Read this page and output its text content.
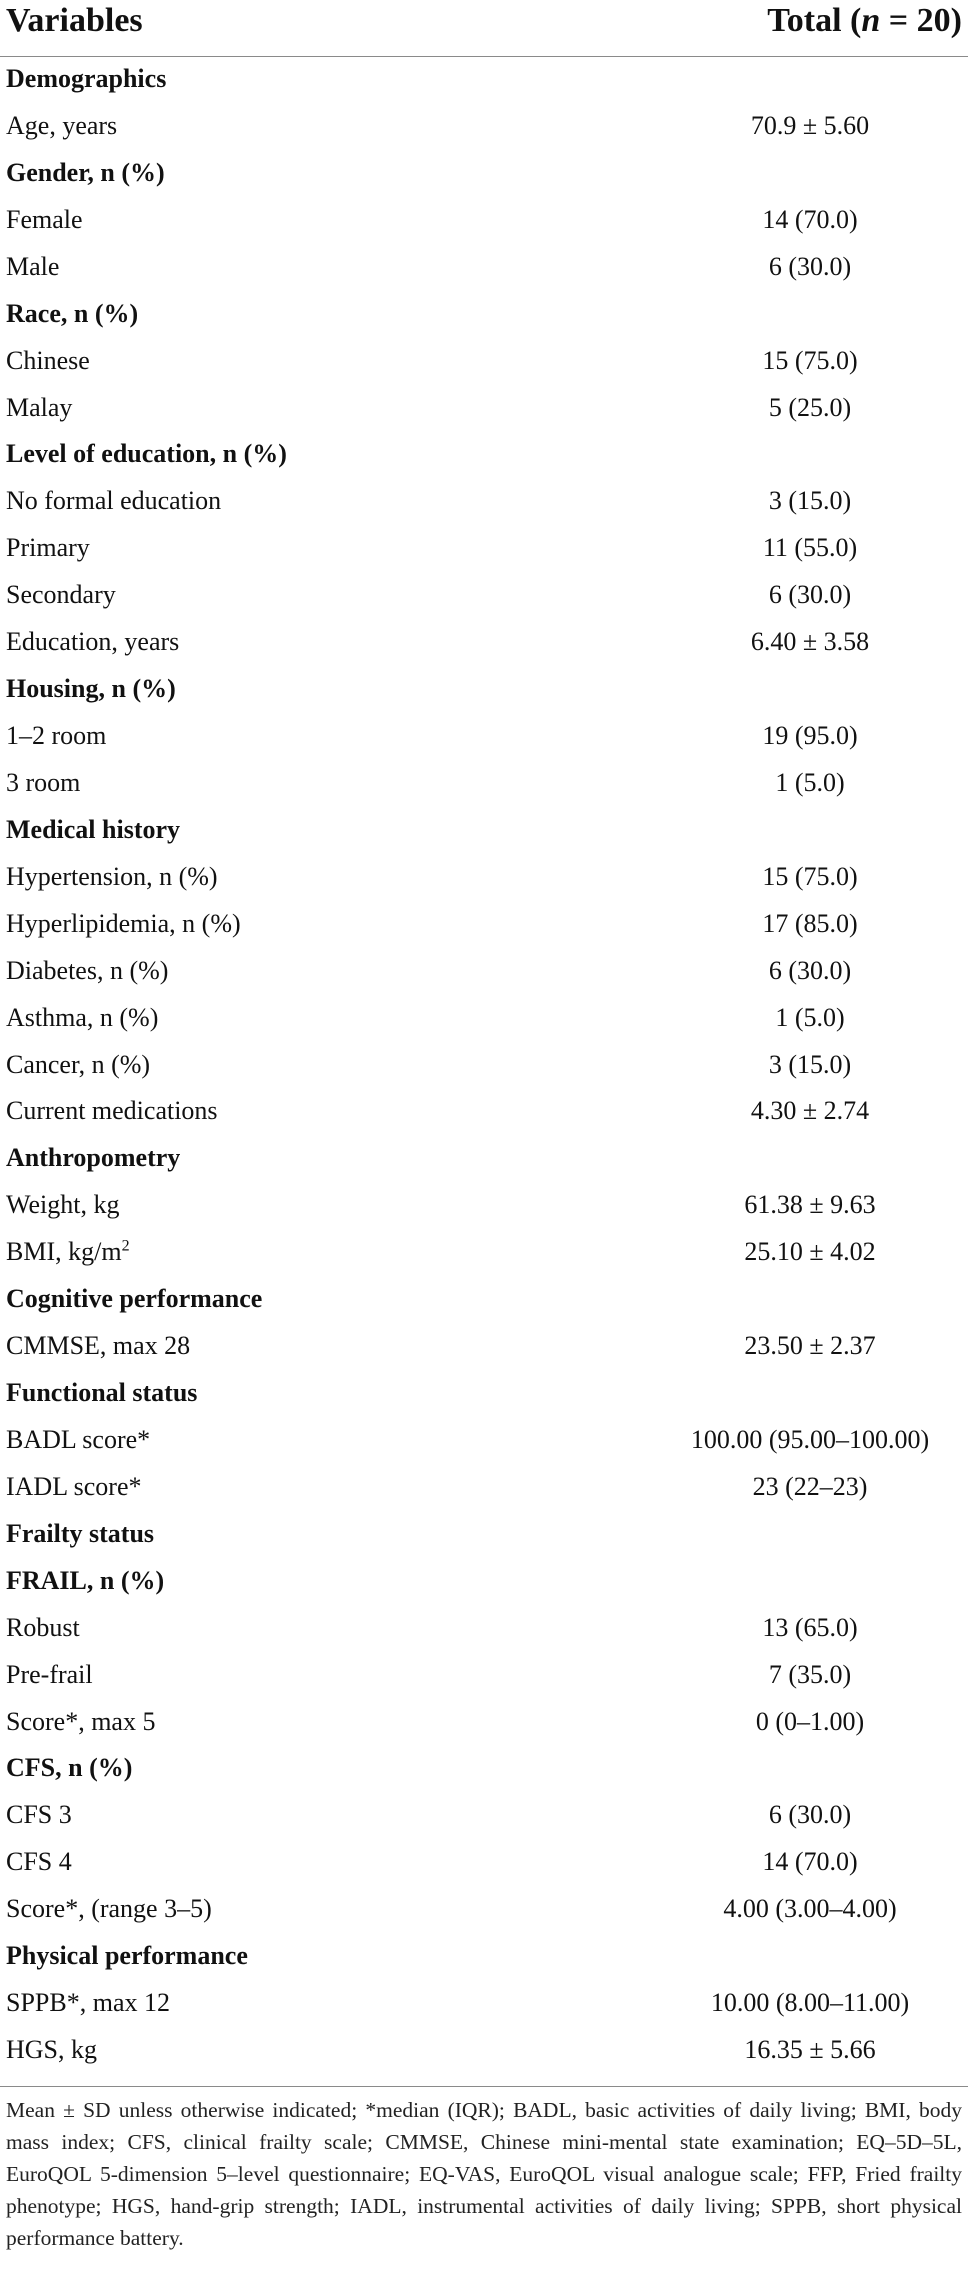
Variables	Total (n = 20)
Demographics
Age, years	70.9 ± 5.60
Gender, n (%)
Female	14 (70.0)
Male	6 (30.0)
Race, n (%)
Chinese	15 (75.0)
Malay	5 (25.0)
Level of education, n (%)
No formal education	3 (15.0)
Primary	11 (55.0)
Secondary	6 (30.0)
Education, years	6.40 ± 3.58
Housing, n (%)
1–2 room	19 (95.0)
3 room	1 (5.0)
Medical history
Hypertension, n (%)	15 (75.0)
Hyperlipidemia, n (%)	17 (85.0)
Diabetes, n (%)	6 (30.0)
Asthma, n (%)	1 (5.0)
Cancer, n (%)	3 (15.0)
Current medications	4.30 ± 2.74
Anthropometry
Weight, kg	61.38 ± 9.63
BMI, $kg/m^2$	25.10 ± 4.02
Cognitive performance
CMMSE, max 28	23.50 ± 2.37
Functional status
BADL score*	100.00 (95.00–100.00)
IADL score*	23 (22–23)
Frailty status
FRAIL, n (%)
Robust	13 (65.0)
Pre-frail	7 (35.0)
Score*, max 5	0 (0–1.00)
CFS, n (%)
CFS 3	6 (30.0)
CFS 4	14 (70.0)
Score*, (range 3–5)	4.00 (3.00–4.00)
Physical performance
SPPB*, max 12	10.00 (8.00–11.00)
HGS, kg	16.35 ± 5.66
Mean ± SD unless otherwise indicated; *median (IQR); BADL, basic activities of daily living; BMI, body mass index; CFS, clinical frailty scale; CMMSE, Chinese mini-mental state examination; EQ–5D–5L, EuroQOL 5-dimension 5–level questionnaire; EQ-VAS, EuroQOL visual analogue scale; FFP, Fried frailty phenotype; HGS, hand-grip strength; IADL, instrumental activities of daily living; SPPB, short physical performance battery.
